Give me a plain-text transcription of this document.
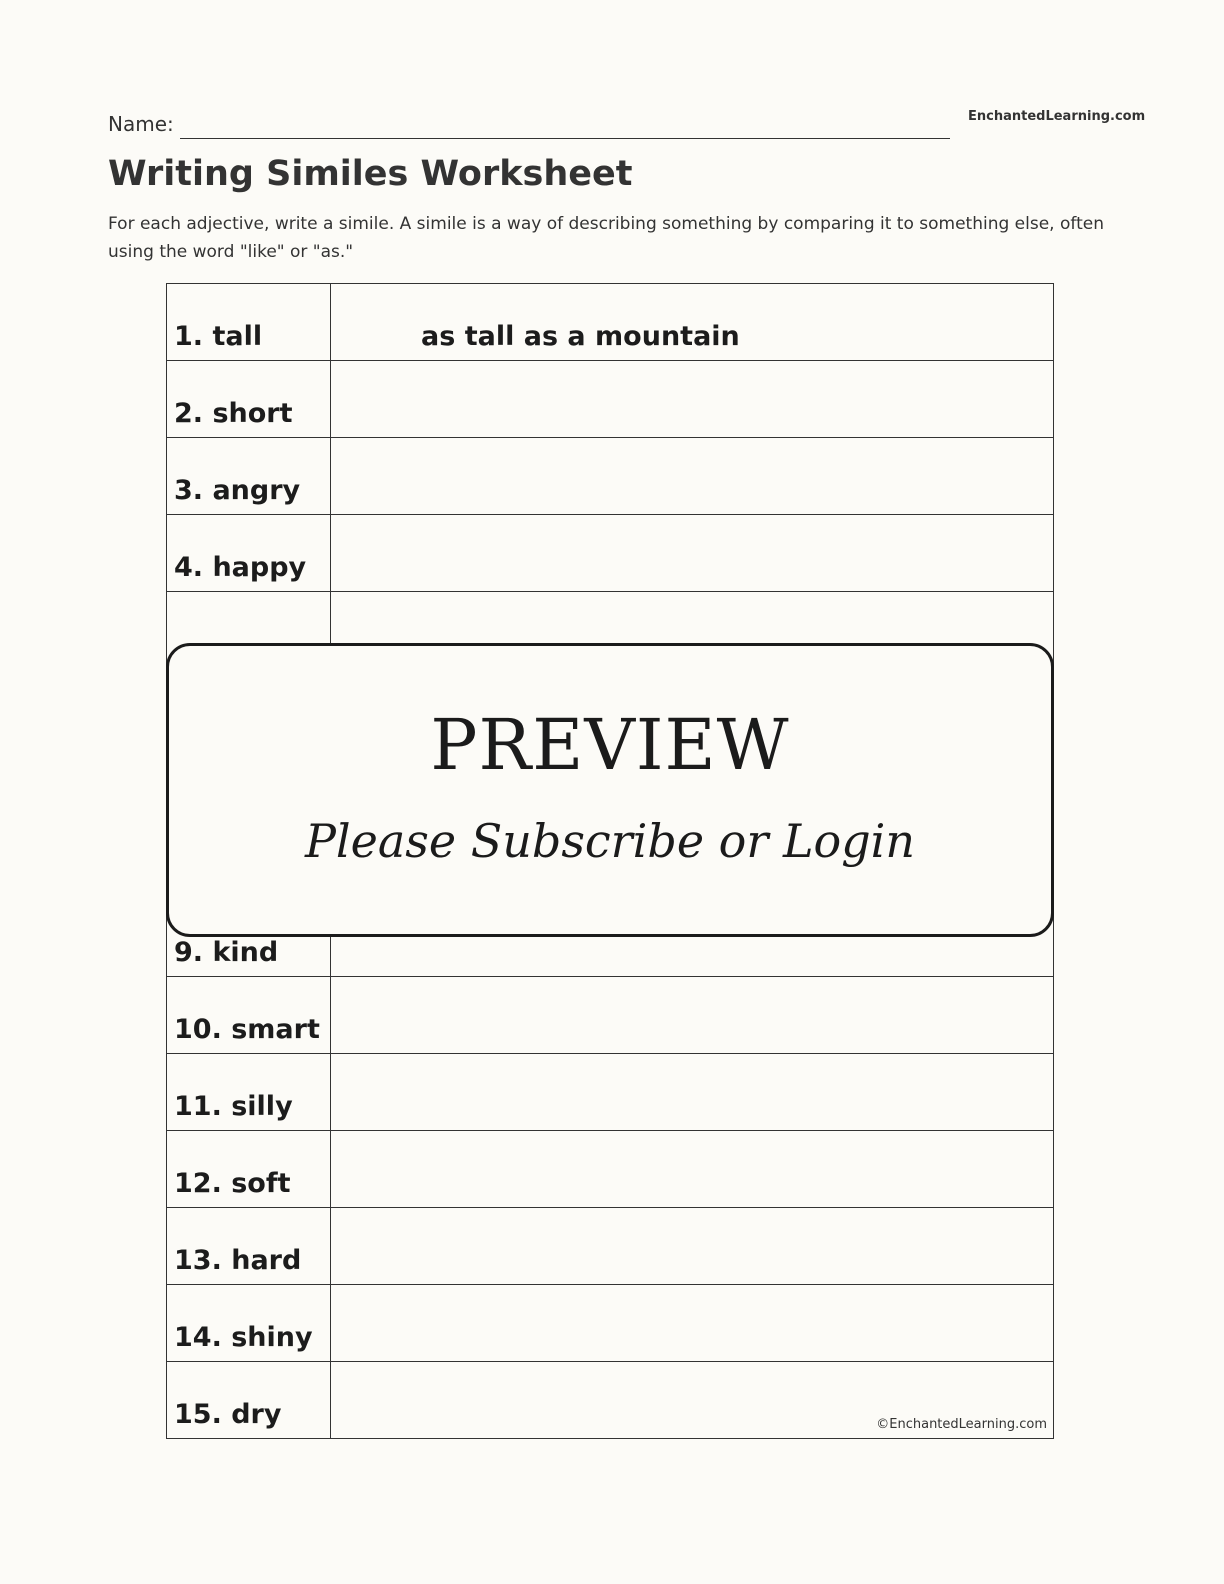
EnchantedLearning.com
Name:
Writing Similes Worksheet

For each adjective, write a simile. A simile is a way of describing something by comparing it to something else, often using the word "like" or "as."

1. tall	as tall as a mountain
2. short	
3. angry	
4. happy	

9. kind	
10. smart	
11. silly	
12. soft	
13. hard	
14. shiny	
15. dry	©EnchantedLearning.com
PREVIEW
Please Subscribe or Login
